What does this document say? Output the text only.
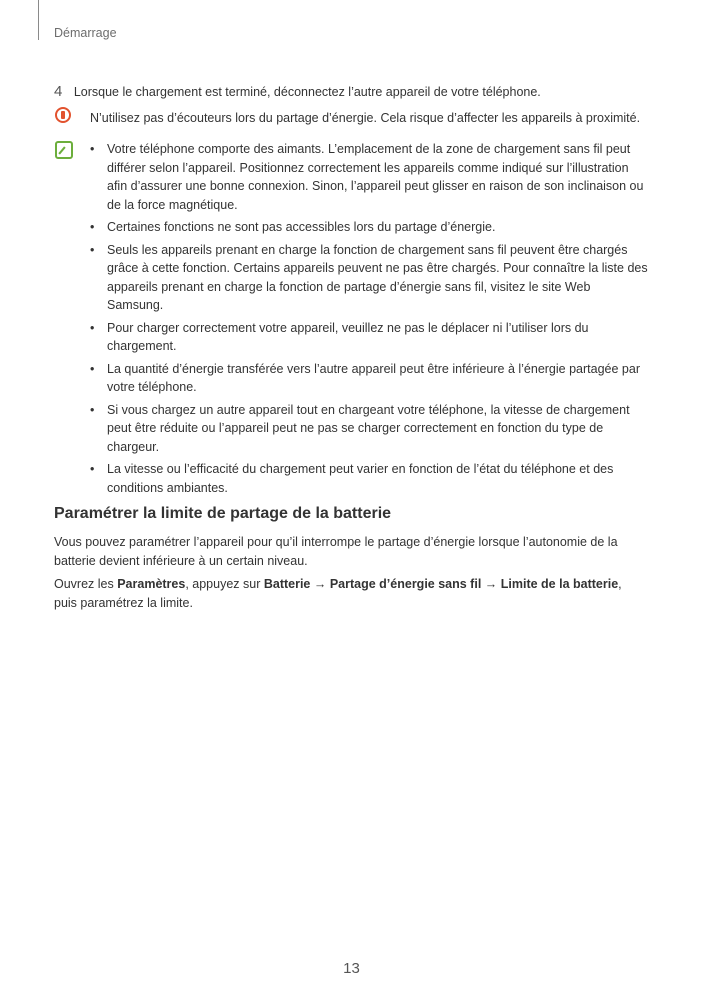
Démarrage
4 Lorsque le chargement est terminé, déconnectez l’autre appareil de votre téléphone.
N’utilisez pas d’écouteurs lors du partage d’énergie. Cela risque d’affecter les appareils à proximité.
• Votre téléphone comporte des aimants. L’emplacement de la zone de chargement sans fil peut différer selon l’appareil. Positionnez correctement les appareils comme indiqué sur l’illustration afin d’assurer une bonne connexion. Sinon, l’appareil peut glisser en raison de son inclinaison ou de la force magnétique.
• Certaines fonctions ne sont pas accessibles lors du partage d’énergie.
• Seuls les appareils prenant en charge la fonction de chargement sans fil peuvent être chargés grâce à cette fonction. Certains appareils peuvent ne pas être chargés. Pour connaître la liste des appareils prenant en charge la fonction de partage d’énergie sans fil, visitez le site Web Samsung.
• Pour charger correctement votre appareil, veuillez ne pas le déplacer ni l’utiliser lors du chargement.
• La quantité d’énergie transférée vers l’autre appareil peut être inférieure à l’énergie partagée par votre téléphone.
• Si vous chargez un autre appareil tout en chargeant votre téléphone, la vitesse de chargement peut être réduite ou l’appareil peut ne pas se charger correctement en fonction du type de chargeur.
• La vitesse ou l’efficacité du chargement peut varier en fonction de l’état du téléphone et des conditions ambiantes.
Paramétrer la limite de partage de la batterie
Vous pouvez paramétrer l’appareil pour qu’il interrompe le partage d’énergie lorsque l’autonomie de la batterie devient inférieure à un certain niveau.
Ouvrez les Paramètres, appuyez sur Batterie → Partage d’énergie sans fil → Limite de la batterie, puis paramétrez la limite.
13
